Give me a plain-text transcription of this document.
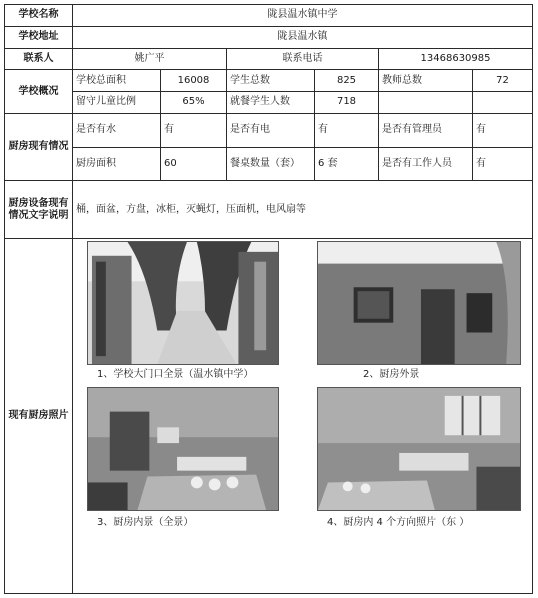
学校名称	陇县温水镇中学					
学校地址	陇县温水镇					
联系人	姚广平		联系电话		13468630985	
学校概况	学校总面积	16008	学生总数	825	教师总数	72
	留守儿童比例	65%	就餐学生人数	718		
厨房现有情况	是否有水	有	是否有电	有	是否有管理员	有
	厨房面积	60	餐桌数量（套）	6 套	是否有工作人员	有
厨房设备现有情况文字说明	桶，面盆，方盘，冰柜，灭蝇灯，压面机，电风扇等					
现有厨房照片	1、学校大门口全景（温水镇中学） 2、厨房外景
3、厨房内景（全景） 4、厨房内 4 个方向照片（东 ）					
